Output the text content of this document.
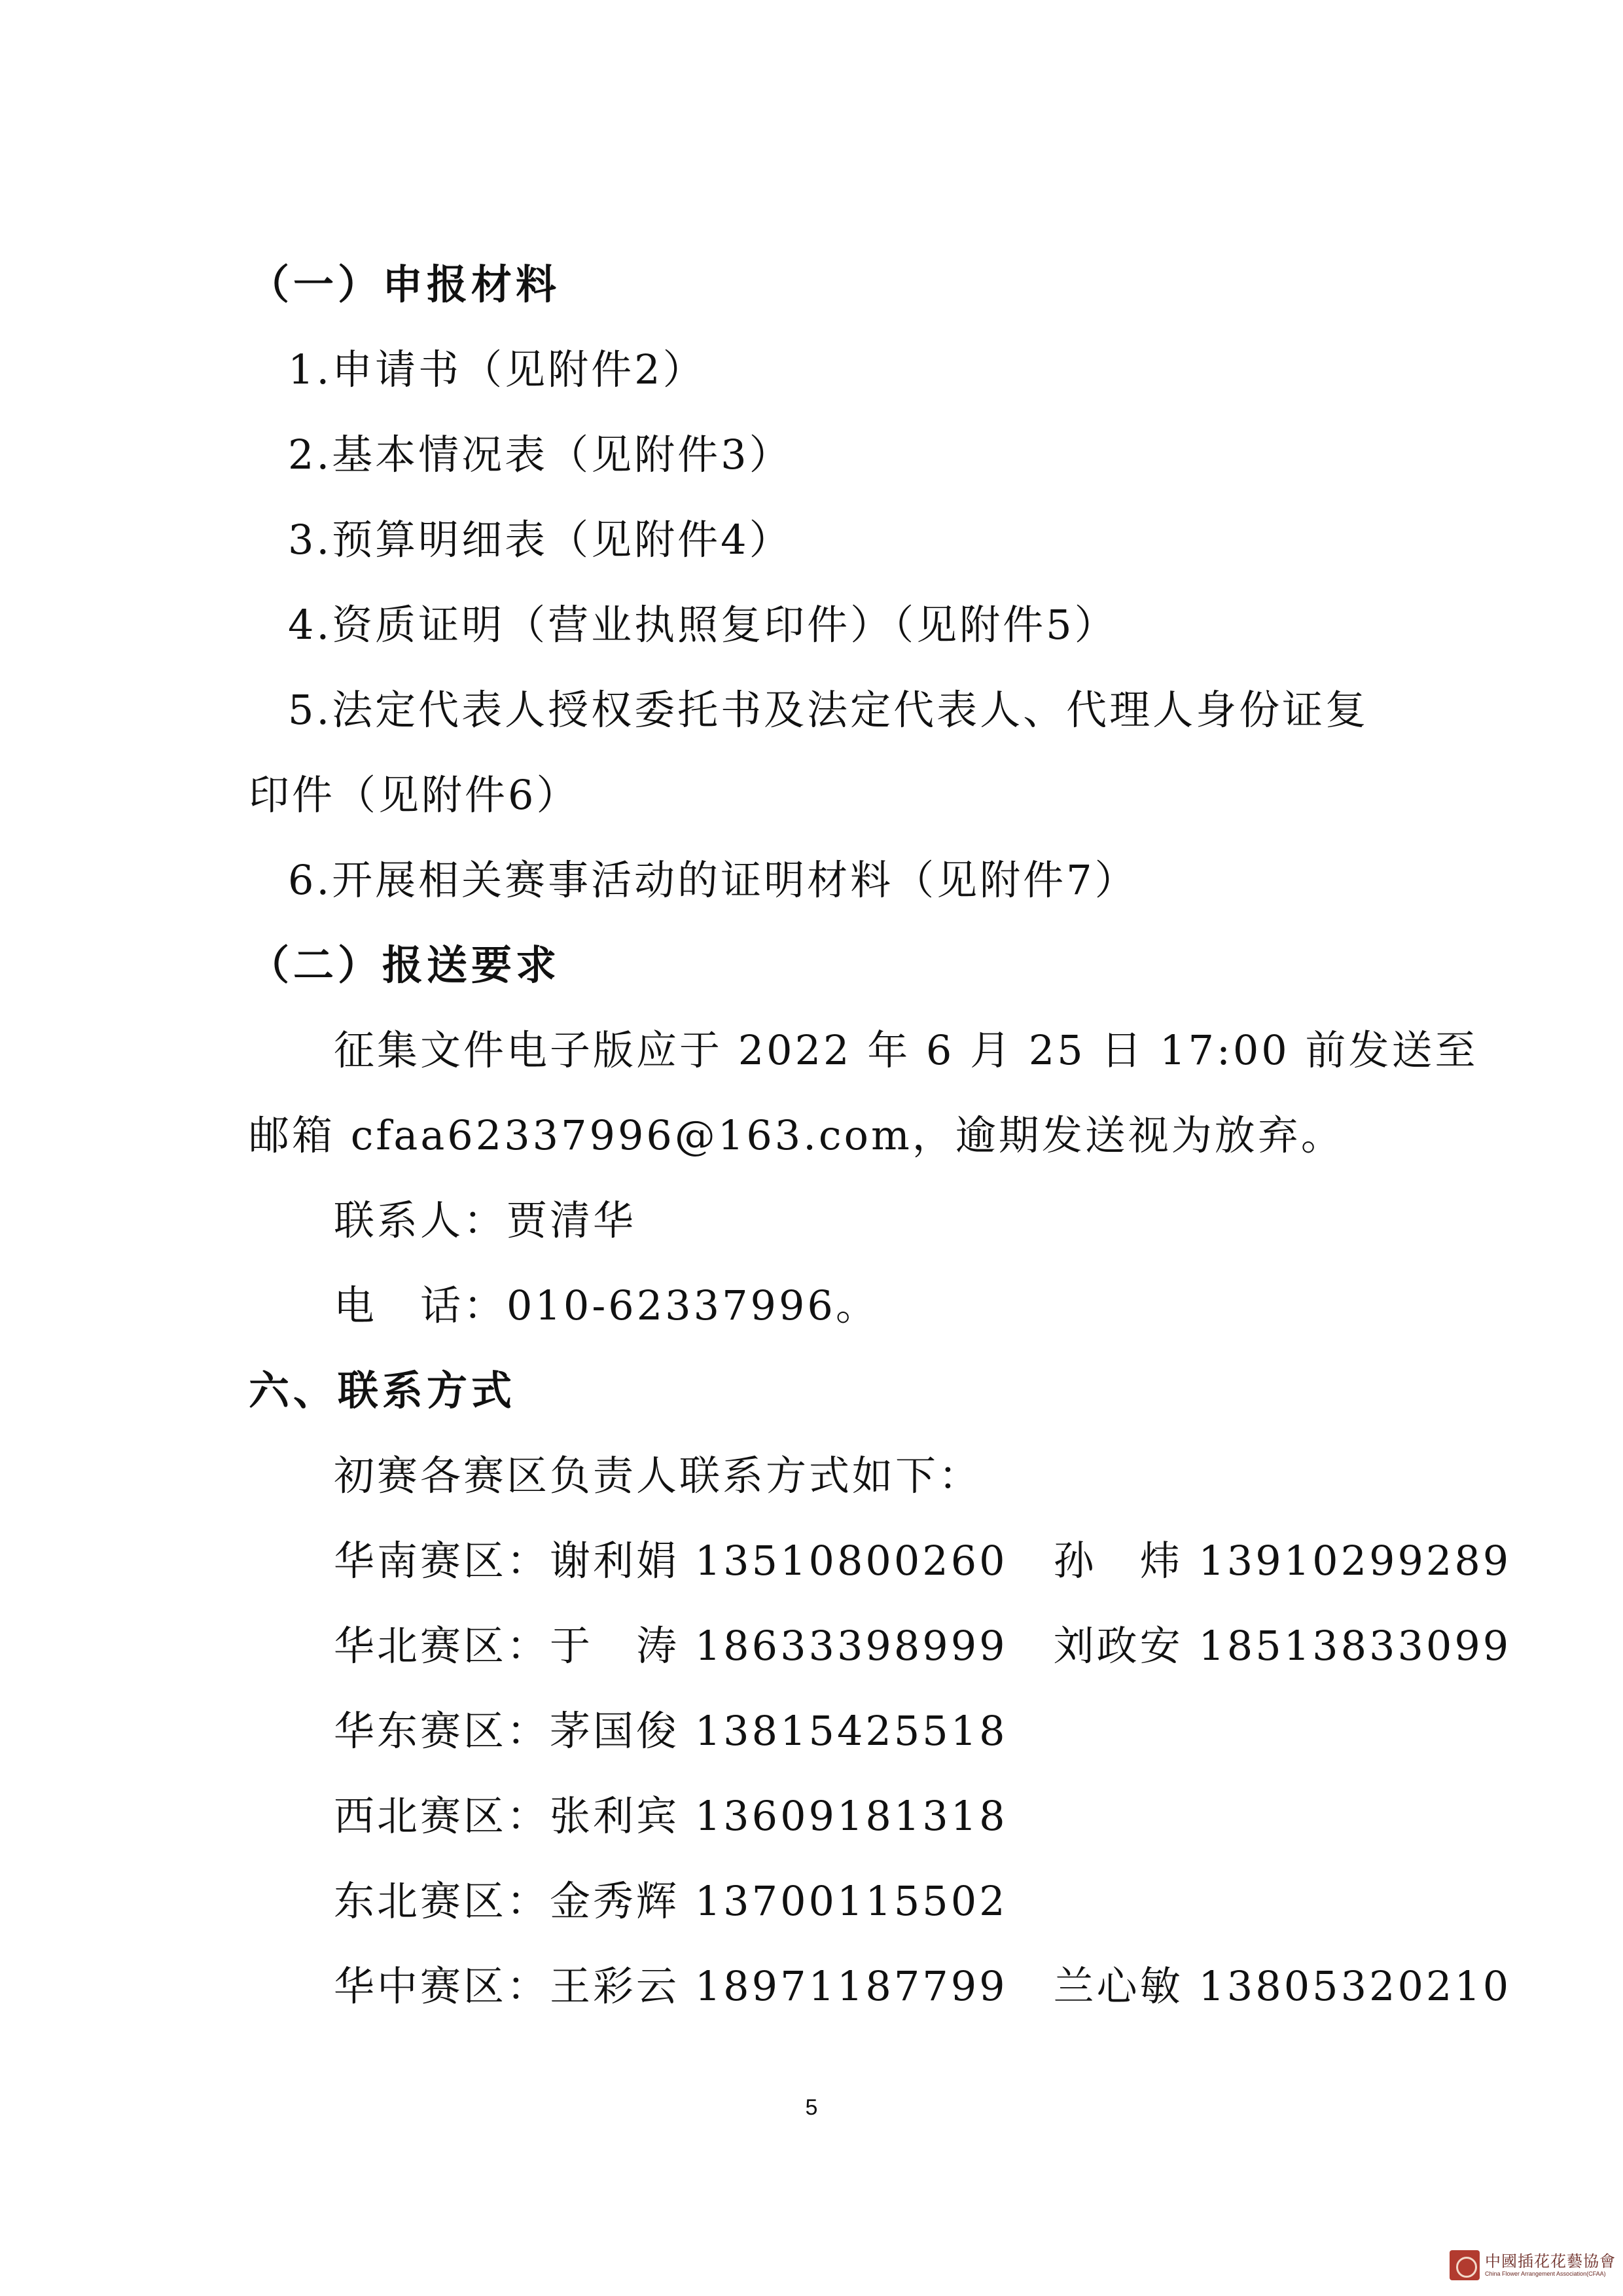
（一）申报材料
1.申请书（见附件2）
2.基本情况表（见附件3）
3.预算明细表（见附件4）
4.资质证明（营业执照复印件）（见附件5）
5.法定代表人授权委托书及法定代表人、代理人身份证复
印件（见附件6）
6.开展相关赛事活动的证明材料（见附件7）
（二）报送要求
征集文件电子版应于 2022 年 6 月 25 日 17:00 前发送至
邮箱 cfaa62337996@163.com，逾期发送视为放弃。
联系人：贾清华
电　话：010-62337996。
六、联系方式
初赛各赛区负责人联系方式如下：
华南赛区：谢利娟 13510800260 孙　炜 13910299289
华北赛区：于　涛 18633398999 刘政安 18513833099
华东赛区：茅国俊 13815425518
西北赛区：张利宾 13609181318
东北赛区：金秀辉 13700115502
华中赛区：王彩云 18971187799 兰心敏 13805320210
5
中國插花花藝協會
China Flower Arrangement Association(CFAA)
